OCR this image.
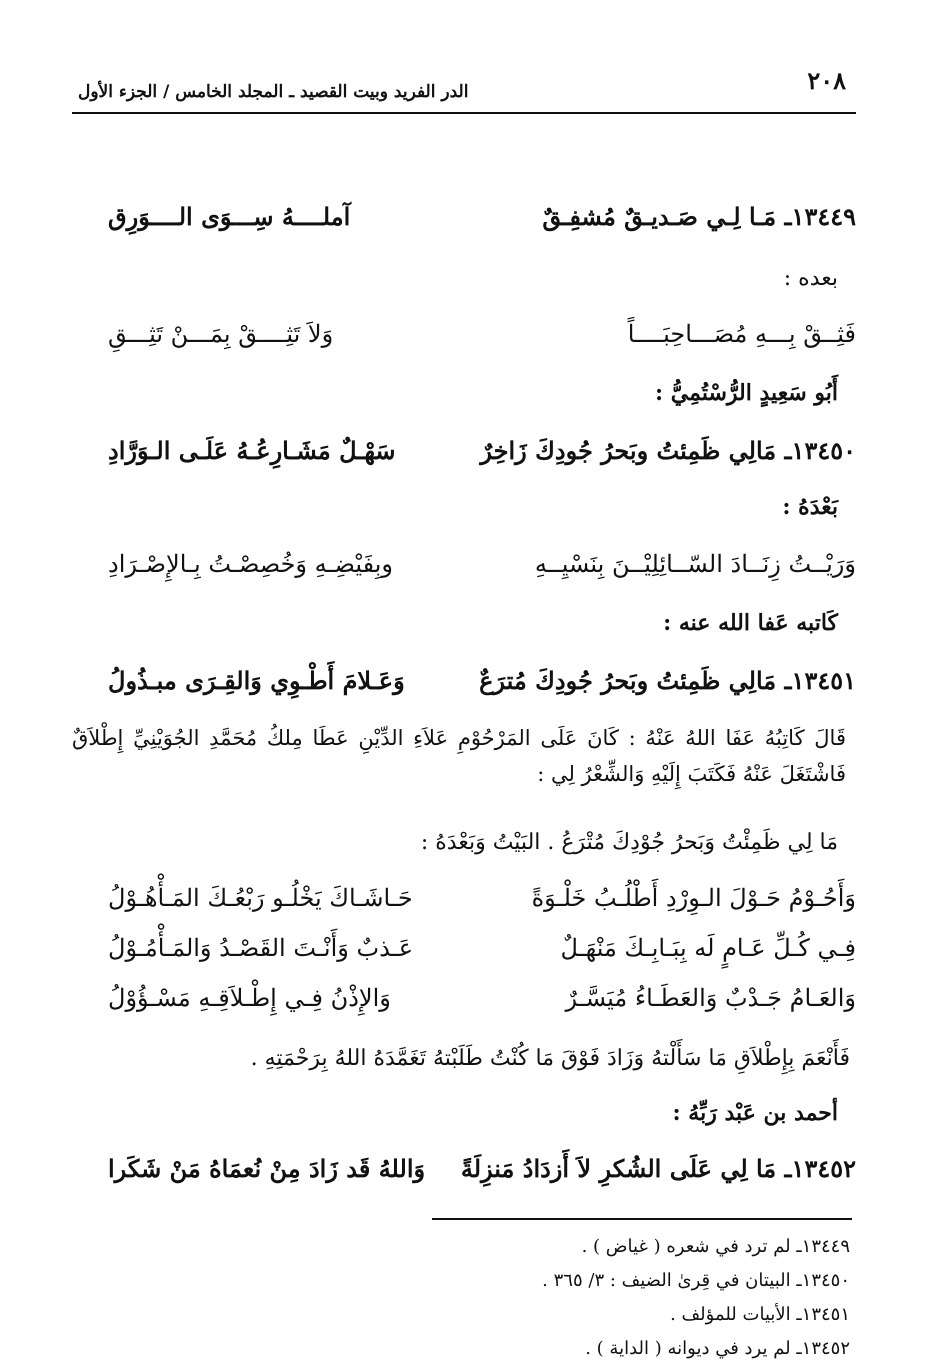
٢٠٨
الدر الفريد وبيت القصيد ـ المجلد الخامس / الجزء الأول
١٣٤٤٩ـ مَـا لِـي صَـديـقٌ مُشفِـقٌ
آملــــهُ سِـــوَى الــــوَرِق
بعده :
فَثِــقْ بِـــهِ مُصَـــاحِبَــــاً
وَلاَ تَثِــــقْ بِمَـــنْ تَثِـــقِ
أَبُو سَعِيدٍ الرُّسْتُمِيُّ :
١٣٤٥٠ـ مَالِي ظَمِئتُ وبَحرُ جُودِكَ زَاخِرٌ
سَهْـلٌ مَشَـارِعُـهُ عَلَـى الـوَرَّادِ
بَعْدَهُ :
وَرَيْــتُ زِنَــادَ السّــائِلِيْــنَ بِنَسْيِــهِ
وبِفَيْضِـهِ وَخُصِصْـتُ بِـالإِصْـرَادِ
كَاتبه عَفا الله عنه :
١٣٤٥١ـ مَالِي ظَمِئتُ وبَحرُ جُودِكَ مُترَعٌ
وَعَـلامَ أَطْـوِي وَالقِـرَى مبـذُولُ
قَالَ كَاتِبُهُ عَفَا اللهُ عَنْهُ : كَانَ عَلَى المَرْحُوْمِ عَلاَءِ الدِّيْنِ عَطَا مِلكُ مُحَمَّدِ الجُوَيْنِيِّ إِطْلاَقٌ فَاشْتَغَلَ عَنْهُ فَكَتَبَ إِلَيْهِ وَالشِّعْرُ لِي :
مَا لِي ظَمِئْتُ وَبَحرُ جُوْدِكَ مُتْرَعُ . البَيْتُ وَبَعْدَهُ :
وَأَحُـوْمُ حَـوْلَ الـوِرْدِ أَطْلُـبُ خَلْـوَةً
حَـاشَـاكَ يَخْلُـو رَبْعُـكَ المَـأْهُـوْلُ
فِـي كُـلِّ عَـامٍ لَه بِبَـابِـكَ مَنْهَـلٌ
عَـذبٌ وَأَنْـتَ القَصْـدُ وَالمَـأْمُـوْلُ
وَالعَـامُ جَـدْبٌ وَالعَطَـاءُ مُيَسَّـرٌ
وَالإِذْنُ فِـي إِطْـلاَقِـهِ مَسْـؤُوْلُ
فَأَنْعَمَ بِإِطْلاَقِ مَا سَأَلْتهُ وَزَادَ فَوْقَ مَا كُنْتُ طَلَبْتهُ تَغَمَّدَهُ اللهُ بِرَحْمَتِهِ .
أحمد بن عَبْد رَبِّهُ :
١٣٤٥٢ـ مَا لِي عَلَى الشُكرِ لاَ أَزدَادُ مَنزِلَةً
وَاللهُ قَد زَادَ مِنْ نُعمَاهُ مَنْ شَكَرا
١٣٤٤٩ـ لم ترد في شعره ( غياض ) .
١٣٤٥٠ـ البيتان في قِرىٰ الضيف : ٣/ ٣٦٥ .
١٣٤٥١ـ الأبيات للمؤلف .
١٣٤٥٢ـ لم يرد في ديوانه ( الداية ) .
